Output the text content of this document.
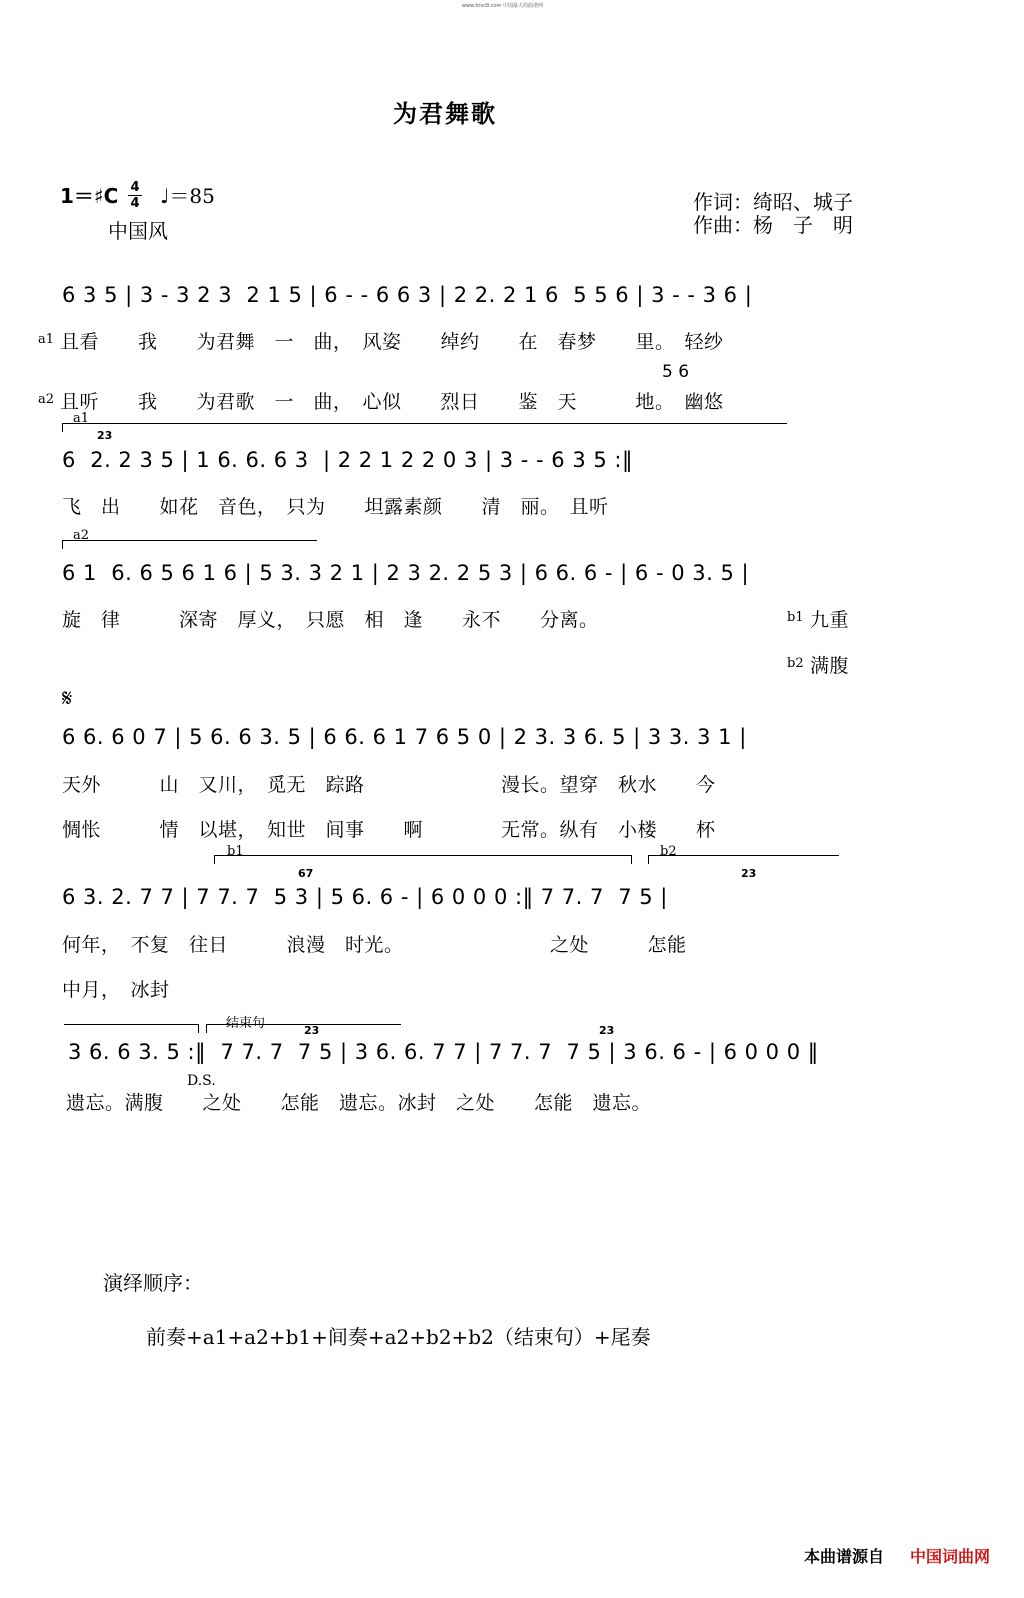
www.ktvc8.com 中国最大的曲谱网
为君舞歌
1＝♯C 4
4 ♩＝85
中国风
作词：绮昭、城子
作曲：杨　子　明
6 3 5 | 3 - 3 2 3  2 1 5 | 6 - - 6 6 3 | 2 2. 2 1 6  5 5 6 | 3 - - 3 6 |
5 6
a1 且看　　我　　为君舞　一　曲，　风姿　　绰约　　在　春梦　　里。　轻纱
a2 且听　　我　　为君歌　一　曲，　心似　　烈日　　鉴　天　　　地。　幽悠
a1
23
6  2. 2 3 5 | 1 6. 6. 6 3  | 2 2 1 2 2 0 3 | 3 - - 6 3 5 :‖
飞　出　　如花　音色，　只为　　坦露素颜　　清　丽。　且听
a2
6 1  6. 6 5 6 1 6 | 5 3. 3 2 1 | 2 3 2. 2 5 3 | 6 6. 6 - | 6 - 0 3. 5 |
旋　律　　　深寄　厚义，　只愿　相　逢　　永不　　分离。	b1 九重
b2 满腹
𝄋
6 6. 6 0 7 | 5 6. 6 3. 5 | 6 6. 6 1 7 6 5 0 | 2 3. 3 6. 5 | 3 3. 3 1 |
天外　　　山　又川，　觅无　踪路　　　　　　　漫长。望穿　秋水　　今
惆怅　　　情　以堪，　知世　间事　　啊　　　　无常。纵有　小楼　　杯
b1	b2
67	23
6 3. 2. 7 7 | 7 7. 7  5 3 | 5 6. 6 - | 6 0 0 0 :‖ 7 7. 7  7 5 |
何年，　不复　往日　　　浪漫　时光。　　　　　　　　之处　　　怎能
中月，　冰封
结束句	23	23
3 6. 6 3. 5 :‖  7 7. 7  7 5 | 3 6. 6. 7 7 | 7 7. 7  7 5 | 3 6. 6 - | 6 0 0 0 ‖
D.S.
遗忘。满腹　　之处　　怎能　遗忘。冰封　之处　　怎能　遗忘。
演绎顺序：
前奏+a1+a2+b1+间奏+a2+b2+b2（结束句）+尾奏
本曲谱源自 中国词曲网
